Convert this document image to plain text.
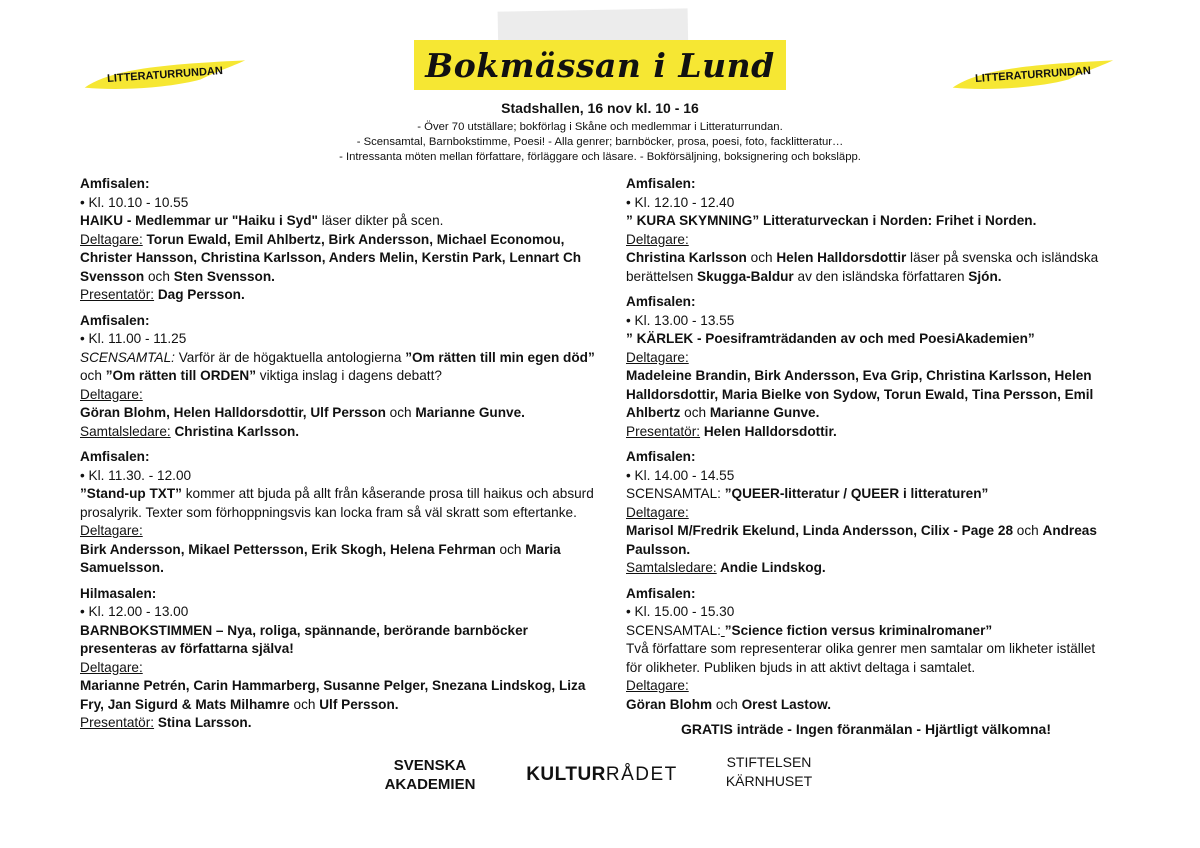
Bokmässan i Lund
LITTERATURRUNDAN	LITTERATURRUNDAN
Stadshallen, 16 nov kl. 10 - 16
- Över 70 utställare; bokförlag i Skåne och medlemmar i Litteraturrundan.
- Scensamtal, Barnbokstimme, Poesi! - Alla genrer; barnböcker, prosa, poesi, foto, facklitteratur…
- Intressanta möten mellan författare, förläggare och läsare. - Bokförsäljning, boksignering och boksläpp.
Amfisalen:
• Kl. 10.10 - 10.55
HAIKU - Medlemmar ur "Haiku i Syd" läser dikter på scen.
Deltagare: Torun Ewald, Emil Ahlbertz, Birk Andersson, Michael Economou, Christer Hansson, Christina Karlsson, Anders Melin, Kerstin Park, Lennart Ch Svensson och Sten Svensson.
Presentatör: Dag Persson.
Amfisalen:
• Kl. 11.00 - 11.25
SCENSAMTAL: Varför är de högaktuella antologierna ”Om rätten till min egen död” och ”Om rätten till ORDEN” viktiga inslag i dagens debatt?
Deltagare:
Göran Blohm, Helen Halldorsdottir, Ulf Persson och Marianne Gunve.
Samtalsledare: Christina Karlsson.
Amfisalen:
• Kl. 11.30. - 12.00
”Stand-up TXT” kommer att bjuda på allt från kåserande prosa till haikus och absurd prosalyrik. Texter som förhoppningsvis kan locka fram så väl skratt som eftertanke.
Deltagare:
Birk Andersson, Mikael Pettersson, Erik Skogh, Helena Fehrman och Maria Samuelsson.
Hilmasalen:
• Kl. 12.00 - 13.00
BARNBOKSTIMMEN – Nya, roliga, spännande, berörande barnböcker presenteras av författarna själva!
Deltagare:
Marianne Petrén, Carin Hammarberg, Susanne Pelger, Snezana Lindskog, Liza Fry, Jan Sigurd & Mats Milhamre och Ulf Persson.
Presentatör: Stina Larsson.
Amfisalen:
• Kl. 12.10 - 12.40
” KURA SKYMNING” Litteraturveckan i Norden: Frihet i Norden.
Deltagare:
Christina Karlsson och Helen Halldorsdottir läser på svenska och isländska berättelsen Skugga-Baldur av den isländska författaren Sjón.
Amfisalen:
• Kl. 13.00 - 13.55
” KÄRLEK - Poesiframträdanden av och med PoesiAkademien”
Deltagare:
Madeleine Brandin, Birk Andersson, Eva Grip, Christina Karlsson, Helen Halldorsdottir, Maria Bielke von Sydow, Torun Ewald, Tina Persson, Emil Ahlbertz och Marianne Gunve.
Presentatör: Helen Halldorsdottir.
Amfisalen:
• Kl. 14.00 - 14.55
SCENSAMTAL: ”QUEER-litteratur / QUEER i litteraturen”
Deltagare:
Marisol M/Fredrik Ekelund, Linda Andersson, Cilix - Page 28 och Andreas Paulsson.
Samtalsledare: Andie Lindskog.
Amfisalen:
• Kl. 15.00 - 15.30
SCENSAMTAL: ”Science fiction versus kriminalromaner”
Två författare som representerar olika genrer men samtalar om likheter istället för olikheter. Publiken bjuds in att aktivt deltaga i samtalet.
Deltagare:
Göran Blohm och Orest Lastow.
GRATIS inträde - Ingen föranmälan - Hjärtligt välkomna!
SVENSKA
AKADEMIEN	KULTURRÅDET
STIFTELSEN
KÄRNHUSET
